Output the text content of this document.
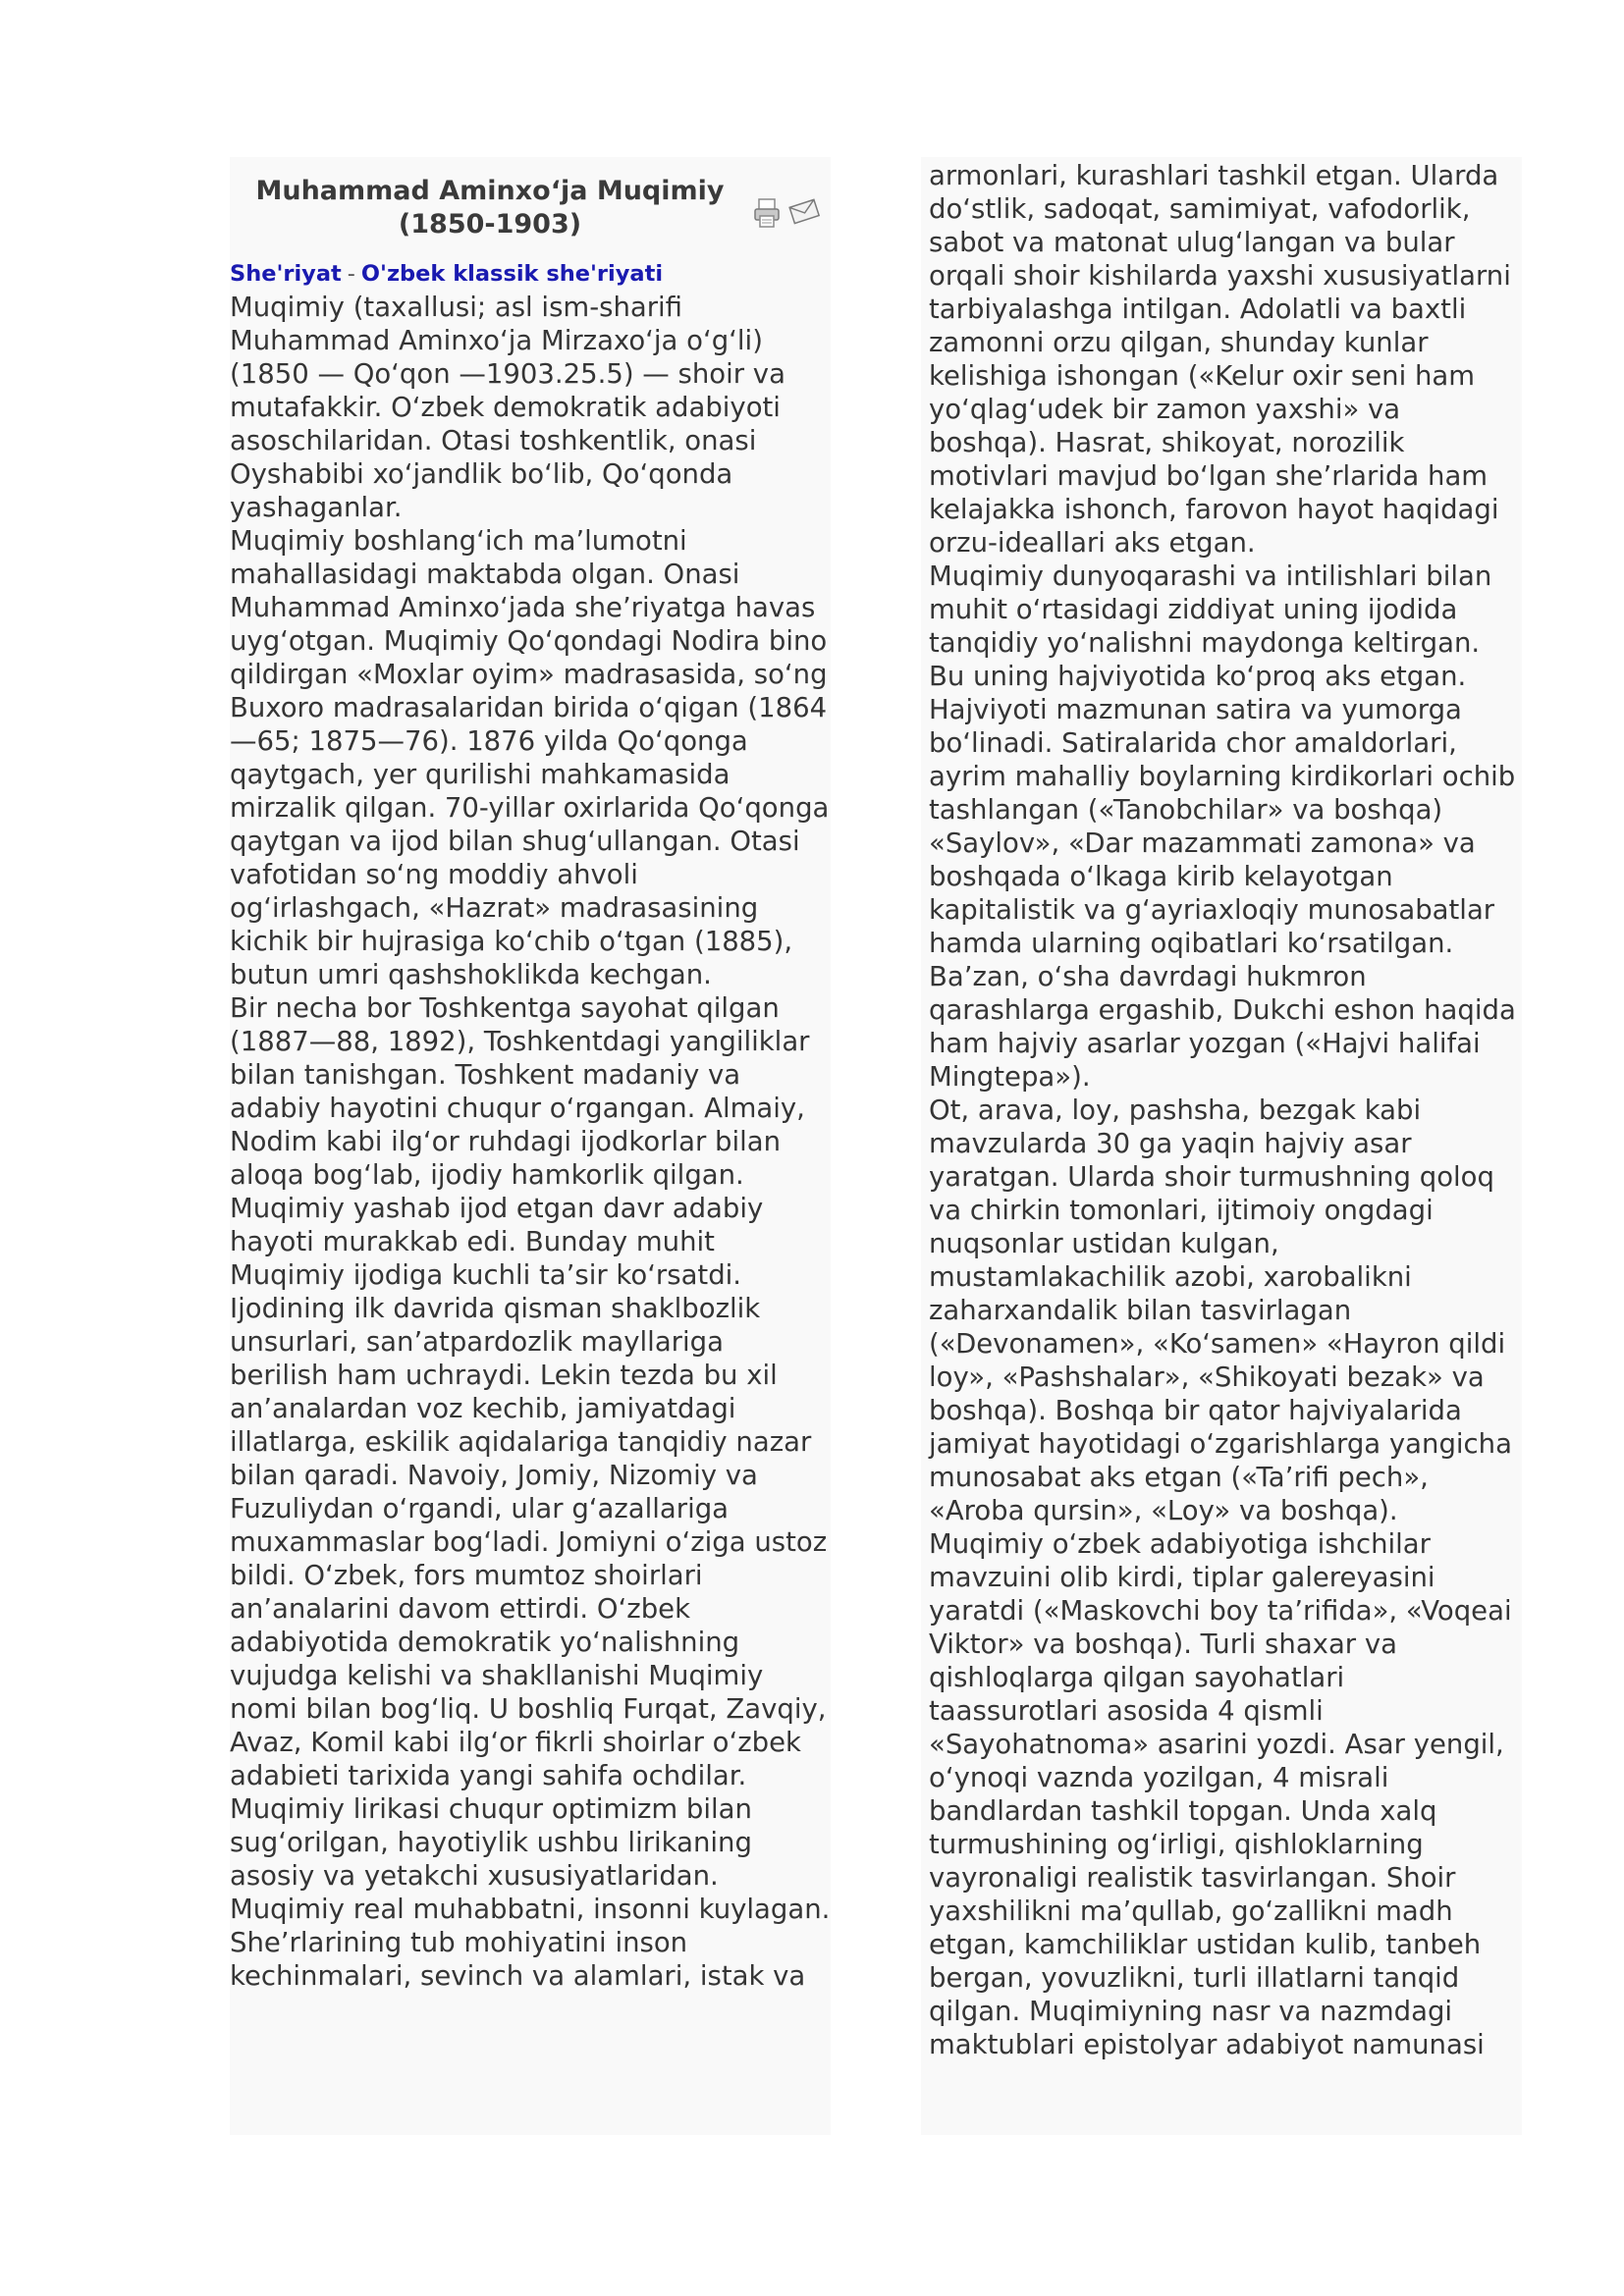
Muhammad Aminxo‘ja Muqimiy
(1850-1903)
She'riyat - O'zbek klassik she'riyati

Muqimiy (taxallusi; asl ism-sharifi Muhammad Aminxo‘ja Mirzaxo‘ja o‘g‘li) (1850 — Qo‘qon —1903.25.5) — shoir va mutafakkir. O‘zbek demokratik adabiyoti asoschilaridan. Otasi toshkentlik, onasi Oyshabibi xo‘jandlik bo‘lib, Qo‘qonda yashaganlar.

Muqimiy boshlang‘ich ma’lumotni mahallasidagi maktabda olgan. Onasi Muhammad Aminxo‘jada she’riyatga havas uyg‘otgan. Muqimiy Qo‘qondagi Nodira bino qildirgan «Moxlar oyim» madrasasida, so‘ng Buxoro madrasalaridan birida o‘qigan (1864—65; 1875—76). 1876 yilda Qo‘qonga qaytgach, yer qurilishi mahkamasida mirzalik qilgan. 70-yillar oxirlarida Qo‘qonga qaytgan va ijod bilan shug‘ullangan. Otasi vafotidan so‘ng moddiy ahvoli og‘irlashgach, «Hazrat» madrasasining kichik bir hujrasiga ko‘chib o‘tgan (1885), butun umri qashshoklikda kechgan.

Bir necha bor Toshkentga sayohat qilgan (1887—88, 1892), Toshkentdagi yangiliklar bilan tanishgan. Toshkent madaniy va adabiy hayotini chuqur o‘rgangan. Almaiy, Nodim kabi ilg‘or ruhdagi ijodkorlar bilan aloqa bog‘lab, ijodiy hamkorlik qilgan. Muqimiy yashab ijod etgan davr adabiy hayoti murakkab edi. Bunday muhit Muqimiy ijodiga kuchli ta’sir ko‘rsatdi. Ijodining ilk davrida qisman shaklbozlik unsurlari, san’atpardozlik mayllariga berilish ham uchraydi. Lekin tezda bu xil an’analardan voz kechib, jamiyatdagi illatlarga, eskilik aqidalariga tanqidiy nazar bilan qaradi. Navoiy, Jomiy, Nizomiy va Fuzuliydan o‘rgandi, ular g‘azallariga muxammaslar bog‘ladi. Jomiyni o‘ziga ustoz bildi. O‘zbek, fors mumtoz shoirlari an’analarini davom ettirdi. O‘zbek adabiyotida demokratik yo‘nalishning vujudga kelishi va shakllanishi Muqimiy nomi bilan bog‘liq. U boshliq Furqat, Zavqiy, Avaz, Komil kabi ilg‘or fikrli shoirlar o‘zbek adabieti tarixida yangi sahifa ochdilar. Muqimiy lirikasi chuqur optimizm bilan sug‘orilgan, hayotiylik ushbu lirikaning asosiy va yetakchi xususiyatlaridan. Muqimiy real muhabbatni, insonni kuylagan.

She’rlarining tub mohiyatini inson kechinmalari, sevinch va alamlari, istak va

armonlari, kurashlari tashkil etgan. Ularda do‘stlik, sadoqat, samimiyat, vafodorlik, sabot va matonat ulug‘langan va bular orqali shoir kishilarda yaxshi xususiyatlarni tarbiyalashga intilgan. Adolatli va baxtli zamonni orzu qilgan, shunday kunlar kelishiga ishongan («Kelur oxir seni ham yo‘qlag‘udek bir zamon yaxshi» va boshqa). Hasrat, shikoyat, norozilik motivlari mavjud bo‘lgan she’rlarida ham kelajakka ishonch, farovon hayot haqidagi orzu-ideallari aks etgan.

Muqimiy dunyoqarashi va intilishlari bilan muhit o‘rtasidagi ziddiyat uning ijodida tanqidiy yo‘nalishni maydonga keltirgan. Bu uning hajviyotida ko‘proq aks etgan. Hajviyoti mazmunan satira va yumorga bo‘linadi. Satiralarida chor amaldorlari, ayrim mahalliy boylarning kirdikorlari ochib tashlangan («Tanobchilar» va boshqa) «Saylov», «Dar mazammati zamona» va boshqada o‘lkaga kirib kelayotgan kapitalistik va g‘ayriaxloqiy munosabatlar hamda ularning oqibatlari ko‘rsatilgan. Ba’zan, o‘sha davrdagi hukmron qarashlarga ergashib, Dukchi eshon haqida ham hajviy asarlar yozgan («Hajvi halifai Mingtepa»).

Ot, arava, loy, pashsha, bezgak kabi mavzularda 30 ga yaqin hajviy asar yaratgan. Ularda shoir turmushning qoloq va chirkin tomonlari, ijtimoiy ongdagi nuqsonlar ustidan kulgan, mustamlakachilik azobi, xarobalikni zaharxandalik bilan tasvirlagan («Devonamen», «Ko‘samen» «Hayron qildi loy», «Pashshalar», «Shikoyati bezak» va boshqa). Boshqa bir qator hajviyalarida jamiyat hayotidagi o‘zgarishlarga yangicha munosabat aks etgan («Ta’rifi pech», «Aroba qursin», «Loy» va boshqa).

Muqimiy o‘zbek adabiyotiga ishchilar mavzuini olib kirdi, tiplar galereyasini yaratdi («Maskovchi boy ta’rifida», «Voqeai Viktor» va boshqa). Turli shaxar va qishloqlarga qilgan sayohatlari taassurotlari asosida 4 qismli «Sayohatnoma» asarini yozdi. Asar yengil, o‘ynoqi vaznda yozilgan, 4 misrali bandlardan tashkil topgan. Unda xalq turmushining og‘irligi, qishloklarning vayronaligi realistik tasvirlangan. Shoir yaxshilikni ma’qullab, go‘zallikni madh etgan, kamchiliklar ustidan kulib, tanbeh bergan, yovuzlikni, turli illatlarni tanqid qilgan. Muqimiyning nasr va nazmdagi maktublari epistolyar adabiyot namunasi
